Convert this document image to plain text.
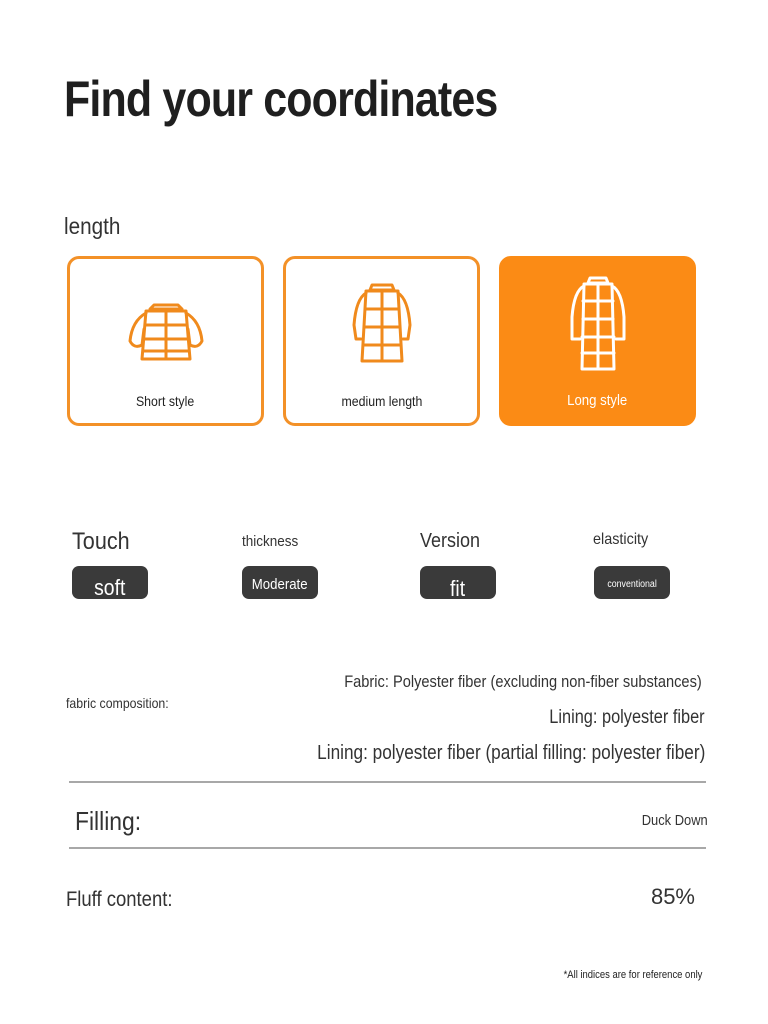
Find your coordinates
length
Short style	medium length	Long style
Touch
soft
thickness
Moderate
Version
fit
elasticity
conventional
fabric composition:
Fabric: Polyester fiber (excluding non-fiber substances)
Lining: polyester fiber
Lining: polyester fiber (partial filling: polyester fiber)
Filling:	Duck Down
Fluff content:	85%
*All indices are for reference only
